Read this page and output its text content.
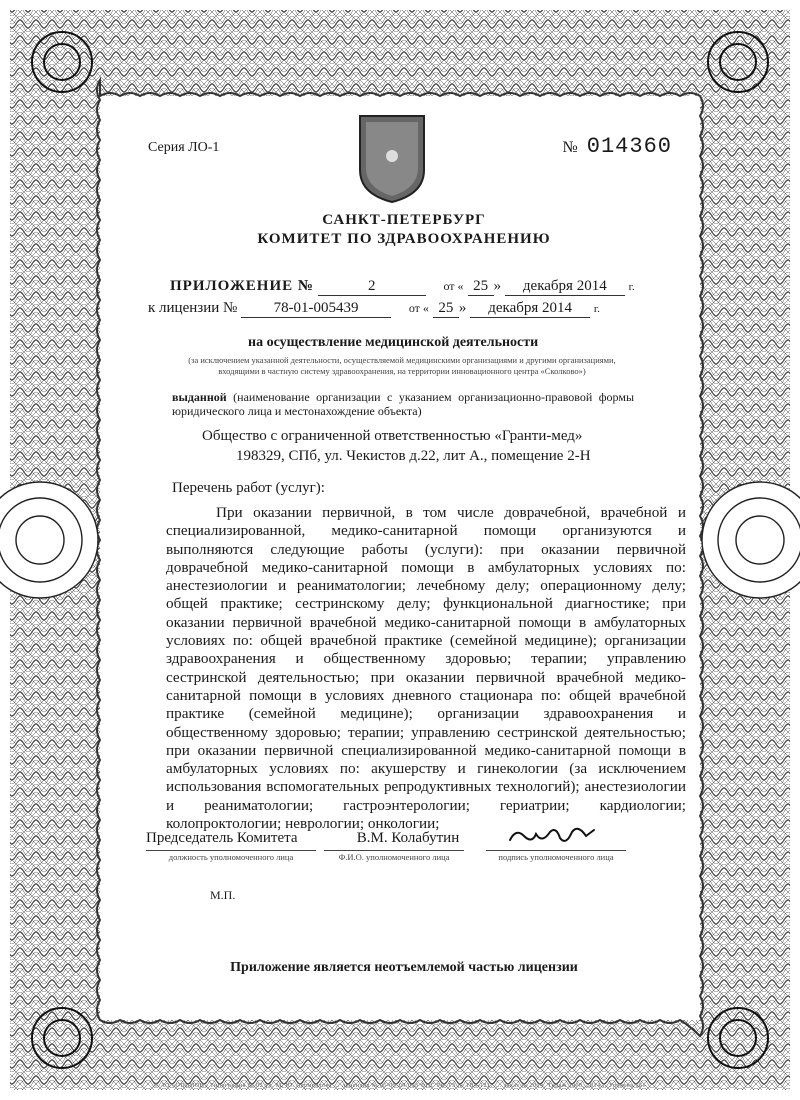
Серия ЛО-1	№ 014360
САНКТ-ПЕТЕРБУРГ
КОМИТЕТ ПО ЗДРАВООХРАНЕНИЮ
ПРИЛОЖЕНИЕ №	2	от « 25 » декабря 2014 г.
к лицензии № 78-01-005439	от « 25 » декабря 2014 г.
на осуществление медицинской деятельности
(за исключением указанной деятельности, осуществляемой медицинскими организациями и другими организациями, входящими в частную систему здравоохранения, на территории инновационного центра «Сколково»)
выданной (наименование организации с указанием организационно-правовой формы юридического лица и местонахождение объекта)
Общество с ограниченной ответственностью «Гранти-мед»
198329, СПб, ул. Чекистов д.22, лит А., помещение 2-Н
Перечень работ (услуг):
При оказании первичной, в том числе доврачебной, врачебной и специализированной, медико-санитарной помощи организуются и выполняются следующие работы (услуги): при оказании первичной доврачебной медико-санитарной помощи в амбулаторных условиях по: анестезиологии и реаниматологии; лечебному делу; операционному делу; общей практике; сестринскому делу; функциональной диагностике; при оказании первичной врачебной медико-санитарной помощи в амбулаторных условиях по: общей врачебной практике (семейной медицине); организации здравоохранения и общественному здоровью; терапии; управлению сестринской деятельностью; при оказании первичной врачебной медико-санитарной помощи в условиях дневного стационара по: общей врачебной практике (семейной медицине); организации здравоохранения и общественному здоровью; терапии; управлению сестринской деятельностью; при оказании первичной специализированной медико-санитарной помощи в амбулаторных условиях по: акушерству и гинекологии (за исключением использования вспомогательных репродуктивных технологий); анестезиологии и реаниматологии; гастроэнтерологии; гериатрии; кардиологии; колопроктологии; неврологии; онкологии;
Председатель Комитета	В.М. Колабутин
должность уполномоченного лица	Ф.И.О. уполномоченного лица	подпись уполномоченного лица
М.П.
Приложение является неотъемлемой частью лицензии
© АО «ОПЦИОН» Типография № 02 ул. М. Ю. Лермонтова ... лицензия № 05-05-09/003 ФНС РФ ТЗ № 1В4-1217 ... заказ № 2014, Тираж 2000, 2014 г. Уровень «Б»
